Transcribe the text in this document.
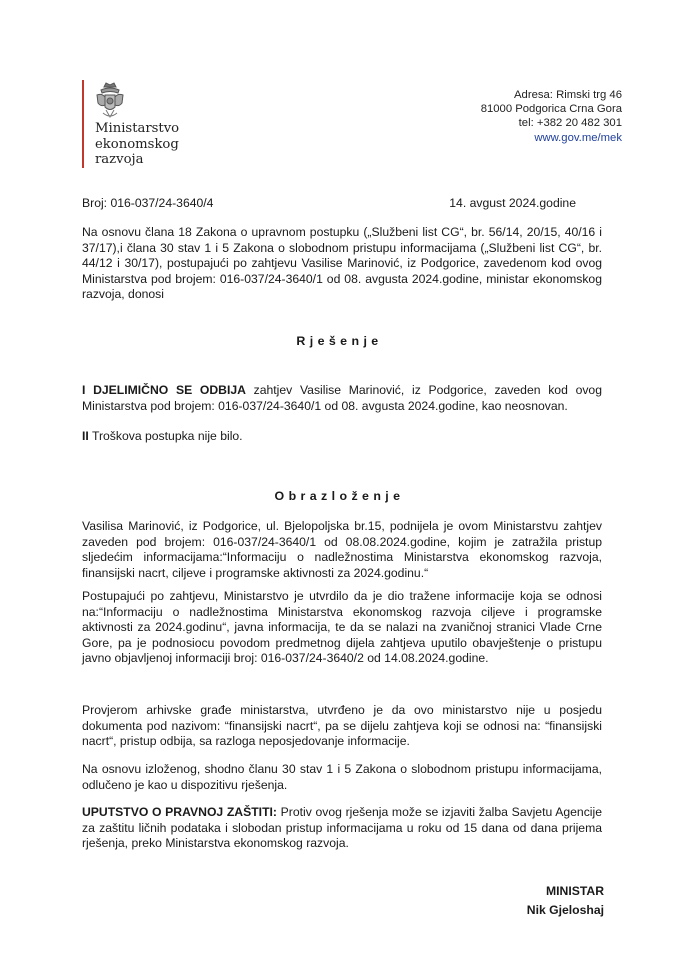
Ministarstvo
ekonomskog
razvoja
Adresa: Rimski trg 46
81000 Podgorica Crna Gora
tel: +382 20 482 301
www.gov.me/mek
Broj: 016-037/24-3640/4	14. avgust 2024.godine
Na osnovu člana 18 Zakona o upravnom postupku („Službeni list CG“, br. 56/14, 20/15, 40/16 i 37/17),i člana 30 stav 1 i 5 Zakona o slobodnom pristupu informacijama („Službeni list CG“, br. 44/12 i 30/17), postupajući po zahtjevu Vasilise Marinović, iz Podgorice, zavedenom kod ovog Ministarstva pod brojem: 016-037/24-3640/1 od 08. avgusta 2024.godine, ministar ekonomskog razvoja, donosi
Rješenje
I DJELIMIČNO SE ODBIJA zahtjev Vasilise Marinović, iz Podgorice, zaveden kod ovog Ministarstva pod brojem: 016-037/24-3640/1 od 08. avgusta 2024.godine, kao neosnovan.
II Troškova postupka nije bilo.
Obrazloženje
Vasilisa Marinović, iz Podgorice, ul. Bjelopoljska br.15, podnijela je ovom Ministarstvu zahtjev zaveden pod brojem: 016-037/24-3640/1 od 08.08.2024.godine, kojim je zatražila pristup sljedećim informacijama:“Informaciju o nadležnostima Ministarstva ekonomskog razvoja, finansijski nacrt, ciljeve i programske aktivnosti za 2024.godinu.“
Postupajući po zahtjevu, Ministarstvo je utvrdilo da je dio tražene informacije koja se odnosi na:“Informaciju o nadležnostima Ministarstva ekonomskog razvoja ciljeve i programske aktivnosti za 2024.godinu“, javna informacija, te da se nalazi na zvaničnoj stranici Vlade Crne Gore, pa je podnosiocu povodom predmetnog dijela zahtjeva uputilo obavještenje o pristupu javno objavljenoj informaciji broj: 016-037/24-3640/2 od 14.08.2024.godine.
Provjerom arhivske građe ministarstva, utvrđeno je da ovo ministarstvo nije u posjedu dokumenta pod nazivom: “finansijski nacrt“, pa se dijelu zahtjeva koji se odnosi na: “finansijski nacrt“, pristup odbija, sa razloga neposjedovanje informacije.
Na osnovu izloženog, shodno članu 30 stav 1 i 5 Zakona o slobodnom pristupu informacijama, odlučeno je kao u dispozitivu rješenja.
UPUTSTVO O PRAVNOJ ZAŠTITI: Protiv ovog rješenja može se izjaviti žalba Savjetu Agencije za zaštitu ličnih podataka i slobodan pristup informacijama u roku od 15 dana od dana prijema rješenja, preko Ministarstva ekonomskog razvoja.
MINISTAR
Nik Gjeloshaj
